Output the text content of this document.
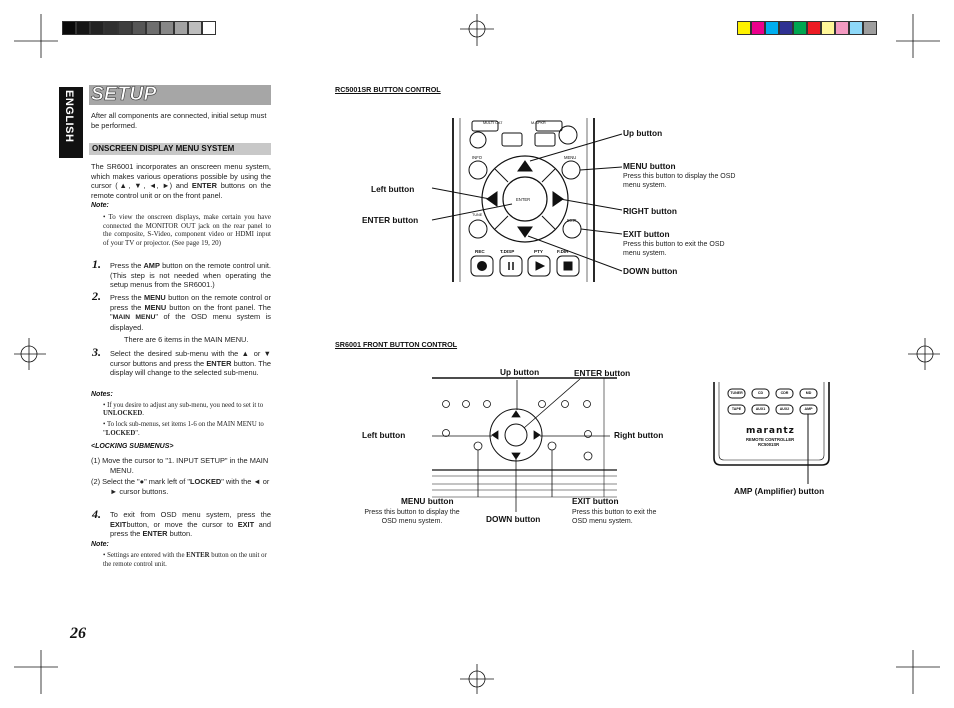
ENGLISH SETUP
After all components are connected, initial setup must be performed.
ONSCREEN DISPLAY MENU SYSTEM
The SR6001 incorporates an onscreen menu system, which makes various operations possible by using the cursor (▲, ▼, ◄, ►) and ENTER buttons on the remote control unit or on the front panel.
Note:
• To view the onscreen displays, make certain you have connected the MONITOR OUT jack on the rear panel to the composite, S-Video, component video or HDMI input of your TV or projector. (See page 19, 20)
1. Press the AMP button on the remote control unit. (This step is not needed when operating the setup menus from the SR6001.)
2. Press the MENU button on the remote control or press the MENU button on the front panel. The "MAIN MENU" of the OSD menu system is displayed.
There are 6 items in the MAIN MENU.
3. Select the desired sub-menu with the ▲ or ▼ cursor buttons and press the ENTER button. The display will change to the selected sub-menu.
Notes:
• If you desire to adjust any sub-menu, you need to set it to UNLOCKED.
• To lock sub-menus, set items 1-6 on the MAIN MENU to "LOCKED".
<LOCKING SUBMENUS>
(1) Move the cursor to "1. INPUT SETUP" in the MAIN MENU.
(2) Select the "●" mark left of "LOCKED" with the ◄ or ► cursor buttons.
4. To exit from OSD menu system, press the EXITbutton, or move the cursor to EXIT and press the ENTER button.
Note:
• Settings are entered with the ENTER button on the unit or the remote control unit.
26
RC5001SR BUTTON CONTROL
MULTI CAT	M-SPKR
INFO	MENU
ENTER
TUNE
EXIT
REC	T.DISP	PTY	F.DIR
Up button
MENU button
Press this button to display the OSD menu system.
Left button
ENTER button
RIGHT button
EXIT button
Press this button to exit the OSD menu system.
DOWN button
SR6001 FRONT BUTTON CONTROL

Up button	ENTER button
Left button	Right button
MENU button
Press this button to display the OSD menu system.	DOWN button
EXIT button
Press this button to exit the OSD menu system.
TUNER	CD	CDR	MD
TAPE	AUX1	AUX2	AMP
marantz
REMOTE CONTROLLER
RC5001SR
AMP (Amplifier) button
